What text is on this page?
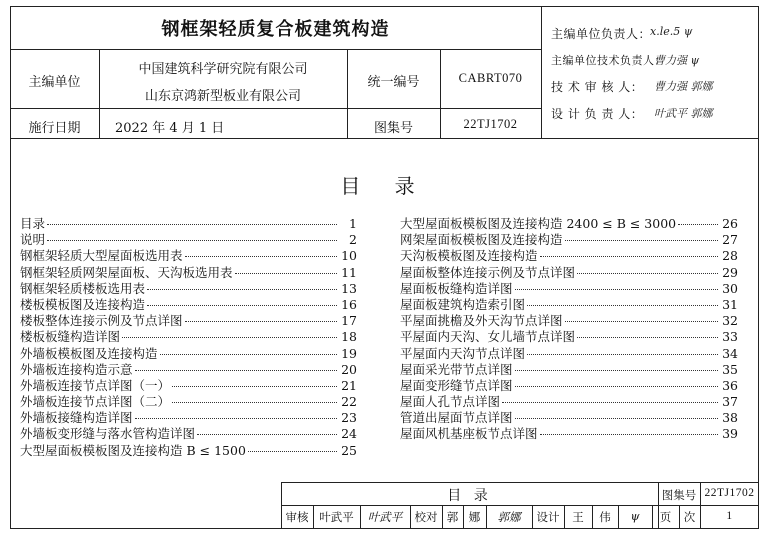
钢框架轻质复合板建筑构造
主编单位
中国建筑科学研究院有限公司
山东京鸿新型板业有限公司
统一编号	CABRT070
施行日期	2022 年 4 月 1 日	图集号	22TJ1702
主编单位负责人：
x.le.5 ψ
主编单位技术负责人：
曹力强 ψ
技 术 审 核 人： 曹力强 郭娜
设 计 负 责 人： 叶武平 郭娜
目 录
目录	1
说明	2
钢框架轻质大型屋面板选用表	10
钢框架轻质网架屋面板、天沟板选用表	11
钢框架轻质楼板选用表	13
楼板模板图及连接构造	16
楼板整体连接示例及节点详图	17
楼板板缝构造详图	18
外墙板模板图及连接构造	19
外墙板连接构造示意	20
外墙板连接节点详图（一）	21
外墙板连接节点详图（二）	22
外墙板接缝构造详图	23
外墙板变形缝与落水管构造详图	24
大型屋面板模板图及连接构造 B ≤ 1500	25
大型屋面板模板图及连接构造 2400 ≤ B ≤ 3000	26
网架屋面板模板图及连接构造	27
天沟板模板图及连接构造	28
屋面板整体连接示例及节点详图	29
屋面板板缝构造详图	30
屋面板建筑构造索引图	31
平屋面挑檐及外天沟节点详图	32
平屋面内天沟、女儿墙节点详图	33
平屋面内天沟节点详图	34
屋面采光带节点详图	35
屋面变形缝节点详图	36
屋面人孔节点详图	37
管道出屋面节点详图	38
屋面风机基座板节点详图	39
目 录	图集号 22TJ1702
1
审核 叶武平	叶武平	校对 郭 娜	郭娜	设计	王	伟	ψ	页	次
